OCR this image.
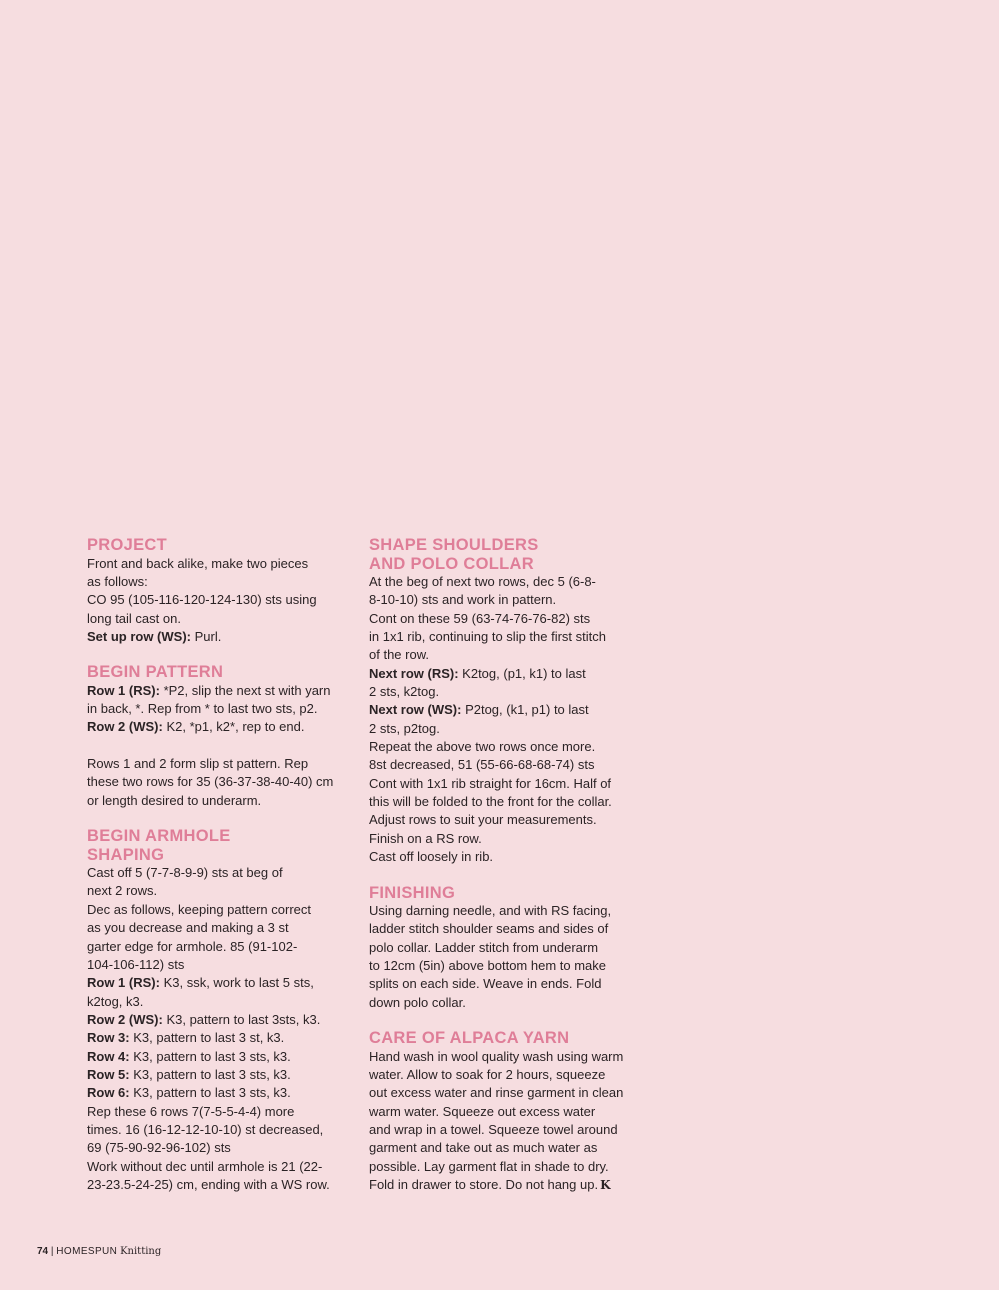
PROJECT

Front and back alike, make two pieces
as follows:
CO 95 (105-116-120-124-130) sts using
long tail cast on.
Set up row (WS): Purl.

BEGIN PATTERN

Row 1 (RS): *P2, slip the next st with yarn
in back, *. Rep from * to last two sts, p2.
Row 2 (WS): K2, *p1, k2*, rep to end.

Rows 1 and 2 form slip st pattern. Rep
these two rows for 35 (36-37-38-40-40) cm
or length desired to underarm.

BEGIN ARMHOLE
SHAPING

Cast off 5 (7-7-8-9-9) sts at beg of
next 2 rows.
Dec as follows, keeping pattern correct
as you decrease and making a 3 st
garter edge for armhole. 85 (91-102-
104-106-112) sts
Row 1 (RS): K3, ssk, work to last 5 sts,
k2tog, k3.
Row 2 (WS): K3, pattern to last 3sts, k3.
Row 3: K3, pattern to last 3 st, k3.
Row 4: K3, pattern to last 3 sts, k3.
Row 5: K3, pattern to last 3 sts, k3.
Row 6: K3, pattern to last 3 sts, k3.
Rep these 6 rows 7(7-5-5-4-4) more
times. 16 (16-12-12-10-10) st decreased,
69 (75-90-92-96-102) sts
Work without dec until armhole is 21 (22-
23-23.5-24-25) cm, ending with a WS row.

SHAPE SHOULDERS
AND POLO COLLAR

At the beg of next two rows, dec 5 (6-8-
8-10-10) sts and work in pattern.
Cont on these 59 (63-74-76-76-82) sts
in 1x1 rib, continuing to slip the first stitch
of the row.
Next row (RS): K2tog, (p1, k1) to last
2 sts, k2tog.
Next row (WS): P2tog, (k1, p1) to last
2 sts, p2tog.
Repeat the above two rows once more.
8st decreased, 51 (55-66-68-68-74) sts
Cont with 1x1 rib straight for 16cm. Half of
this will be folded to the front for the collar.
Adjust rows to suit your measurements.
Finish on a RS row.
Cast off loosely in rib.

FINISHING

Using darning needle, and with RS facing,
ladder stitch shoulder seams and sides of
polo collar. Ladder stitch from underarm
to 12cm (5in) above bottom hem to make
splits on each side. Weave in ends. Fold
down polo collar.

CARE OF ALPACA YARN

Hand wash in wool quality wash using warm
water. Allow to soak for 2 hours, squeeze
out excess water and rinse garment in clean
warm water. Squeeze out excess water
and wrap in a towel. Squeeze towel around
garment and take out as much water as
possible. Lay garment flat in shade to dry.
Fold in drawer to store. Do not hang up. K

74 | HOMESPUN Knitting
